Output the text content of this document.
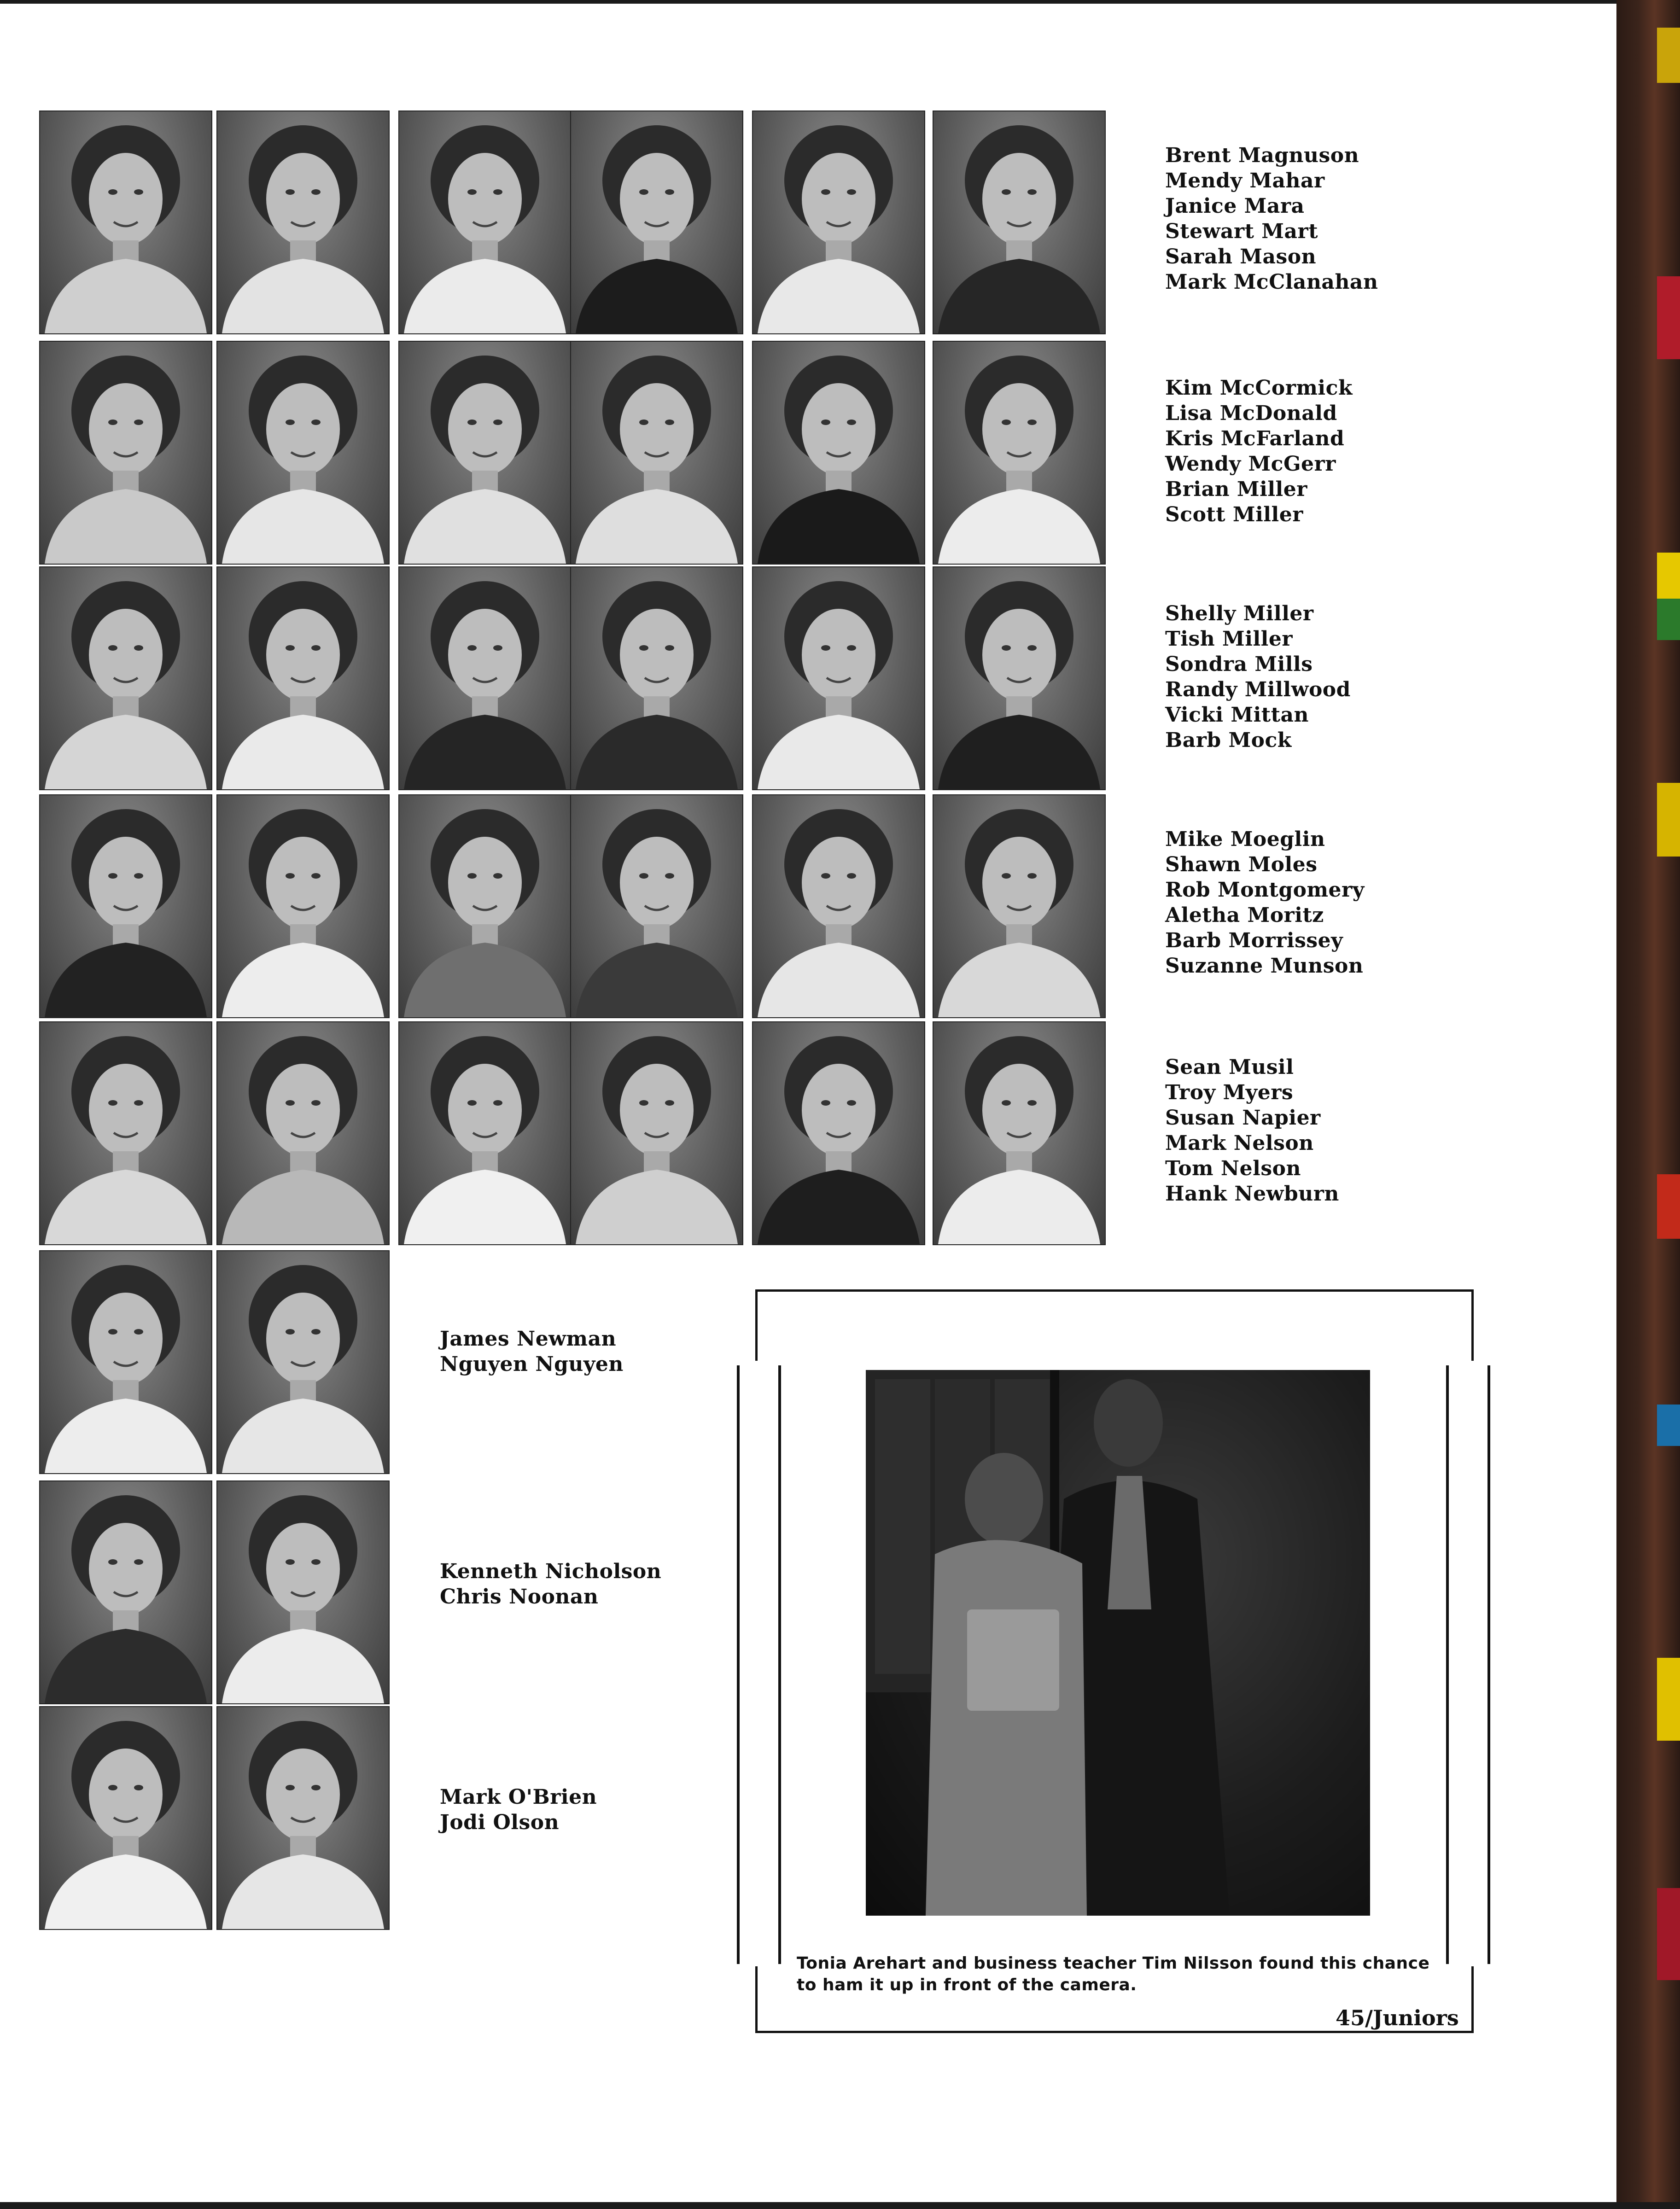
Brent Magnuson
Mendy Mahar
Janice Mara
Stewart Mart
Sarah Mason
Mark McClanahan
Kim McCormick
Lisa McDonald
Kris McFarland
Wendy McGerr
Brian Miller
Scott Miller
Shelly Miller
Tish Miller
Sondra Mills
Randy Millwood
Vicki Mittan
Barb Mock
Mike Moeglin
Shawn Moles
Rob Montgomery
Aletha Moritz
Barb Morrissey
Suzanne Munson
Sean Musil
Troy Myers
Susan Napier
Mark Nelson
Tom Nelson
Hank Newburn
James Newman
Nguyen Nguyen
Kenneth Nicholson
Chris Noonan
Mark O'Brien
Jodi Olson
Tonia Arehart and business teacher Tim Nilsson found this chance to ham it up in front of the camera.
45/Juniors
